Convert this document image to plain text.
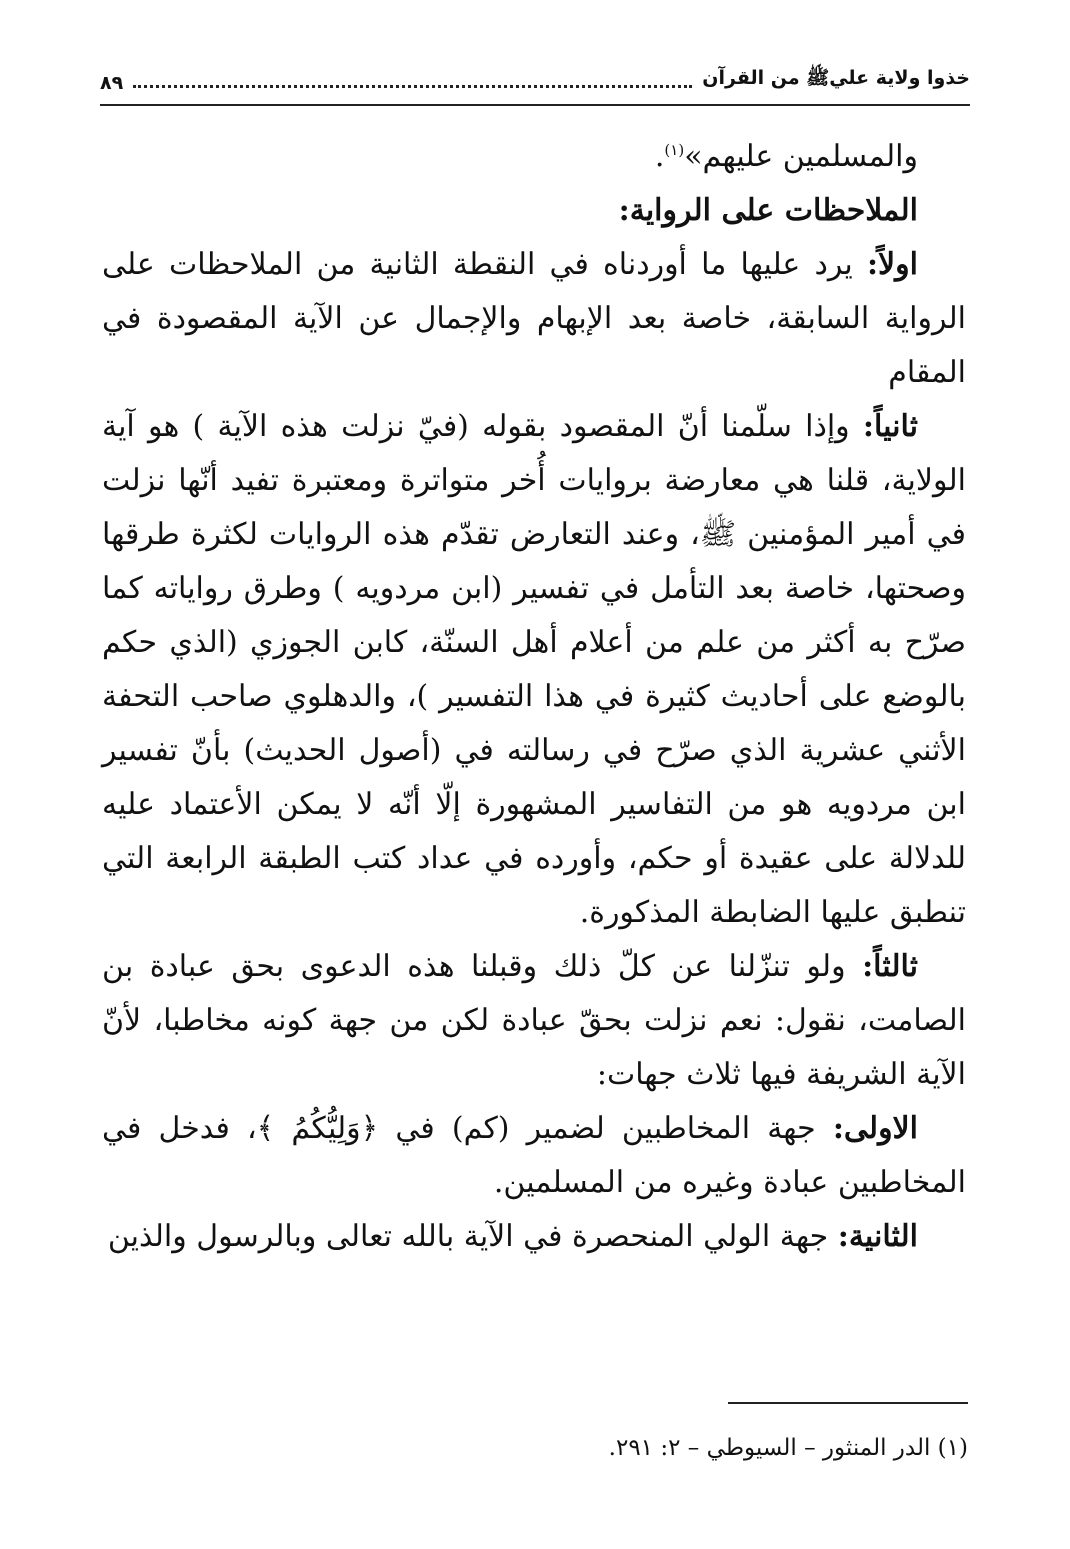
خذوا ولاية عليﷺ من القرآن
٨٩

والمسلمين عليهم»$^{(١)}$.

الملاحظات على الرواية:

اولاً: يرد عليها ما أوردناه في النقطة الثانية من الملاحظات على الرواية السابقة، خاصة بعد الإبهام والإجمال عن الآية المقصودة في المقام

ثانياً: وإذا سلّمنا أنّ المقصود بقوله (فيّ نزلت هذه الآية ) هو آية الولاية، قلنا هي معارضة بروايات أُخر متواترة ومعتبرة تفيد أنّها نزلت في أمير المؤمنين ﷺ، وعند التعارض تقدّم هذه الروايات لكثرة طرقها وصحتها، خاصة بعد التأمل في تفسير (ابن مردويه ) وطرق رواياته كما صرّح به أكثر من علم من أعلام أهل السنّة، كابن الجوزي (الذي حكم بالوضع على أحاديث كثيرة في هذا التفسير )، والدهلوي صاحب التحفة الأثني عشرية الذي صرّح في رسالته في (أصول الحديث) بأنّ تفسير ابن مردويه هو من التفاسير المشهورة إلّا أنّه لا يمكن الأعتماد عليه للدلالة على عقيدة أو حكم، وأورده في عداد كتب الطبقة الرابعة التي تنطبق عليها الضابطة المذكورة.

ثالثاً: ولو تنزّلنا عن كلّ ذلك وقبلنا هذه الدعوى بحق عبادة بن الصامت، نقول: نعم نزلت بحقّ عبادة لكن من جهة كونه مخاطبا، لأنّ الآية الشريفة فيها ثلاث جهات:

الاولى: جهة المخاطبين لضمير (كم) في ﴿وَلِيُّكُمُ ﴾، فدخل في المخاطبين عبادة وغيره من المسلمين.

الثانية: جهة الولي المنحصرة في الآية بالله تعالى وبالرسول والذين

(١) الدر المنثور – السيوطي – ٢: ٢٩١.
